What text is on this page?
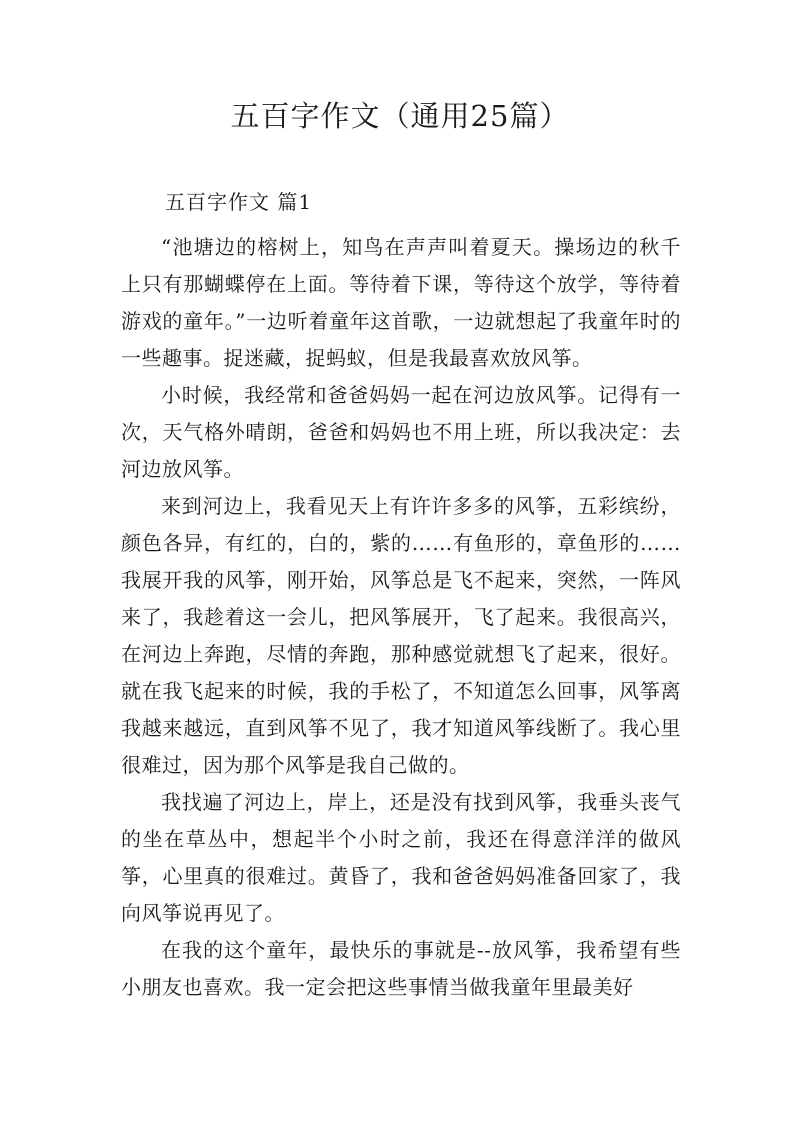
五百字作文（通用25篇）
五百字作文 篇1

“池塘边的榕树上，知鸟在声声叫着夏天。操场边的秋千上只有那蝴蝶停在上面。等待着下课，等待这个放学，等待着游戏的童年。”一边听着童年这首歌，一边就想起了我童年时的一些趣事。捉迷藏，捉蚂蚁，但是我最喜欢放风筝。

小时候，我经常和爸爸妈妈一起在河边放风筝。记得有一次，天气格外晴朗，爸爸和妈妈也不用上班，所以我决定：去河边放风筝。

来到河边上，我看见天上有许许多多的风筝，五彩缤纷，颜色各异，有红的，白的，紫的……有鱼形的，章鱼形的……我展开我的风筝，刚开始，风筝总是飞不起来，突然，一阵风来了，我趁着这一会儿，把风筝展开，飞了起来。我很高兴，在河边上奔跑，尽情的奔跑，那种感觉就想飞了起来，很好。就在我飞起来的时候，我的手松了，不知道怎么回事，风筝离我越来越远，直到风筝不见了，我才知道风筝线断了。我心里很难过，因为那个风筝是我自己做的。

我找遍了河边上，岸上，还是没有找到风筝，我垂头丧气的坐在草丛中，想起半个小时之前，我还在得意洋洋的做风筝，心里真的很难过。黄昏了，我和爸爸妈妈准备回家了，我向风筝说再见了。

在我的这个童年，最快乐的事就是--放风筝，我希望有些小朋友也喜欢。我一定会把这些事情当做我童年里最美好
